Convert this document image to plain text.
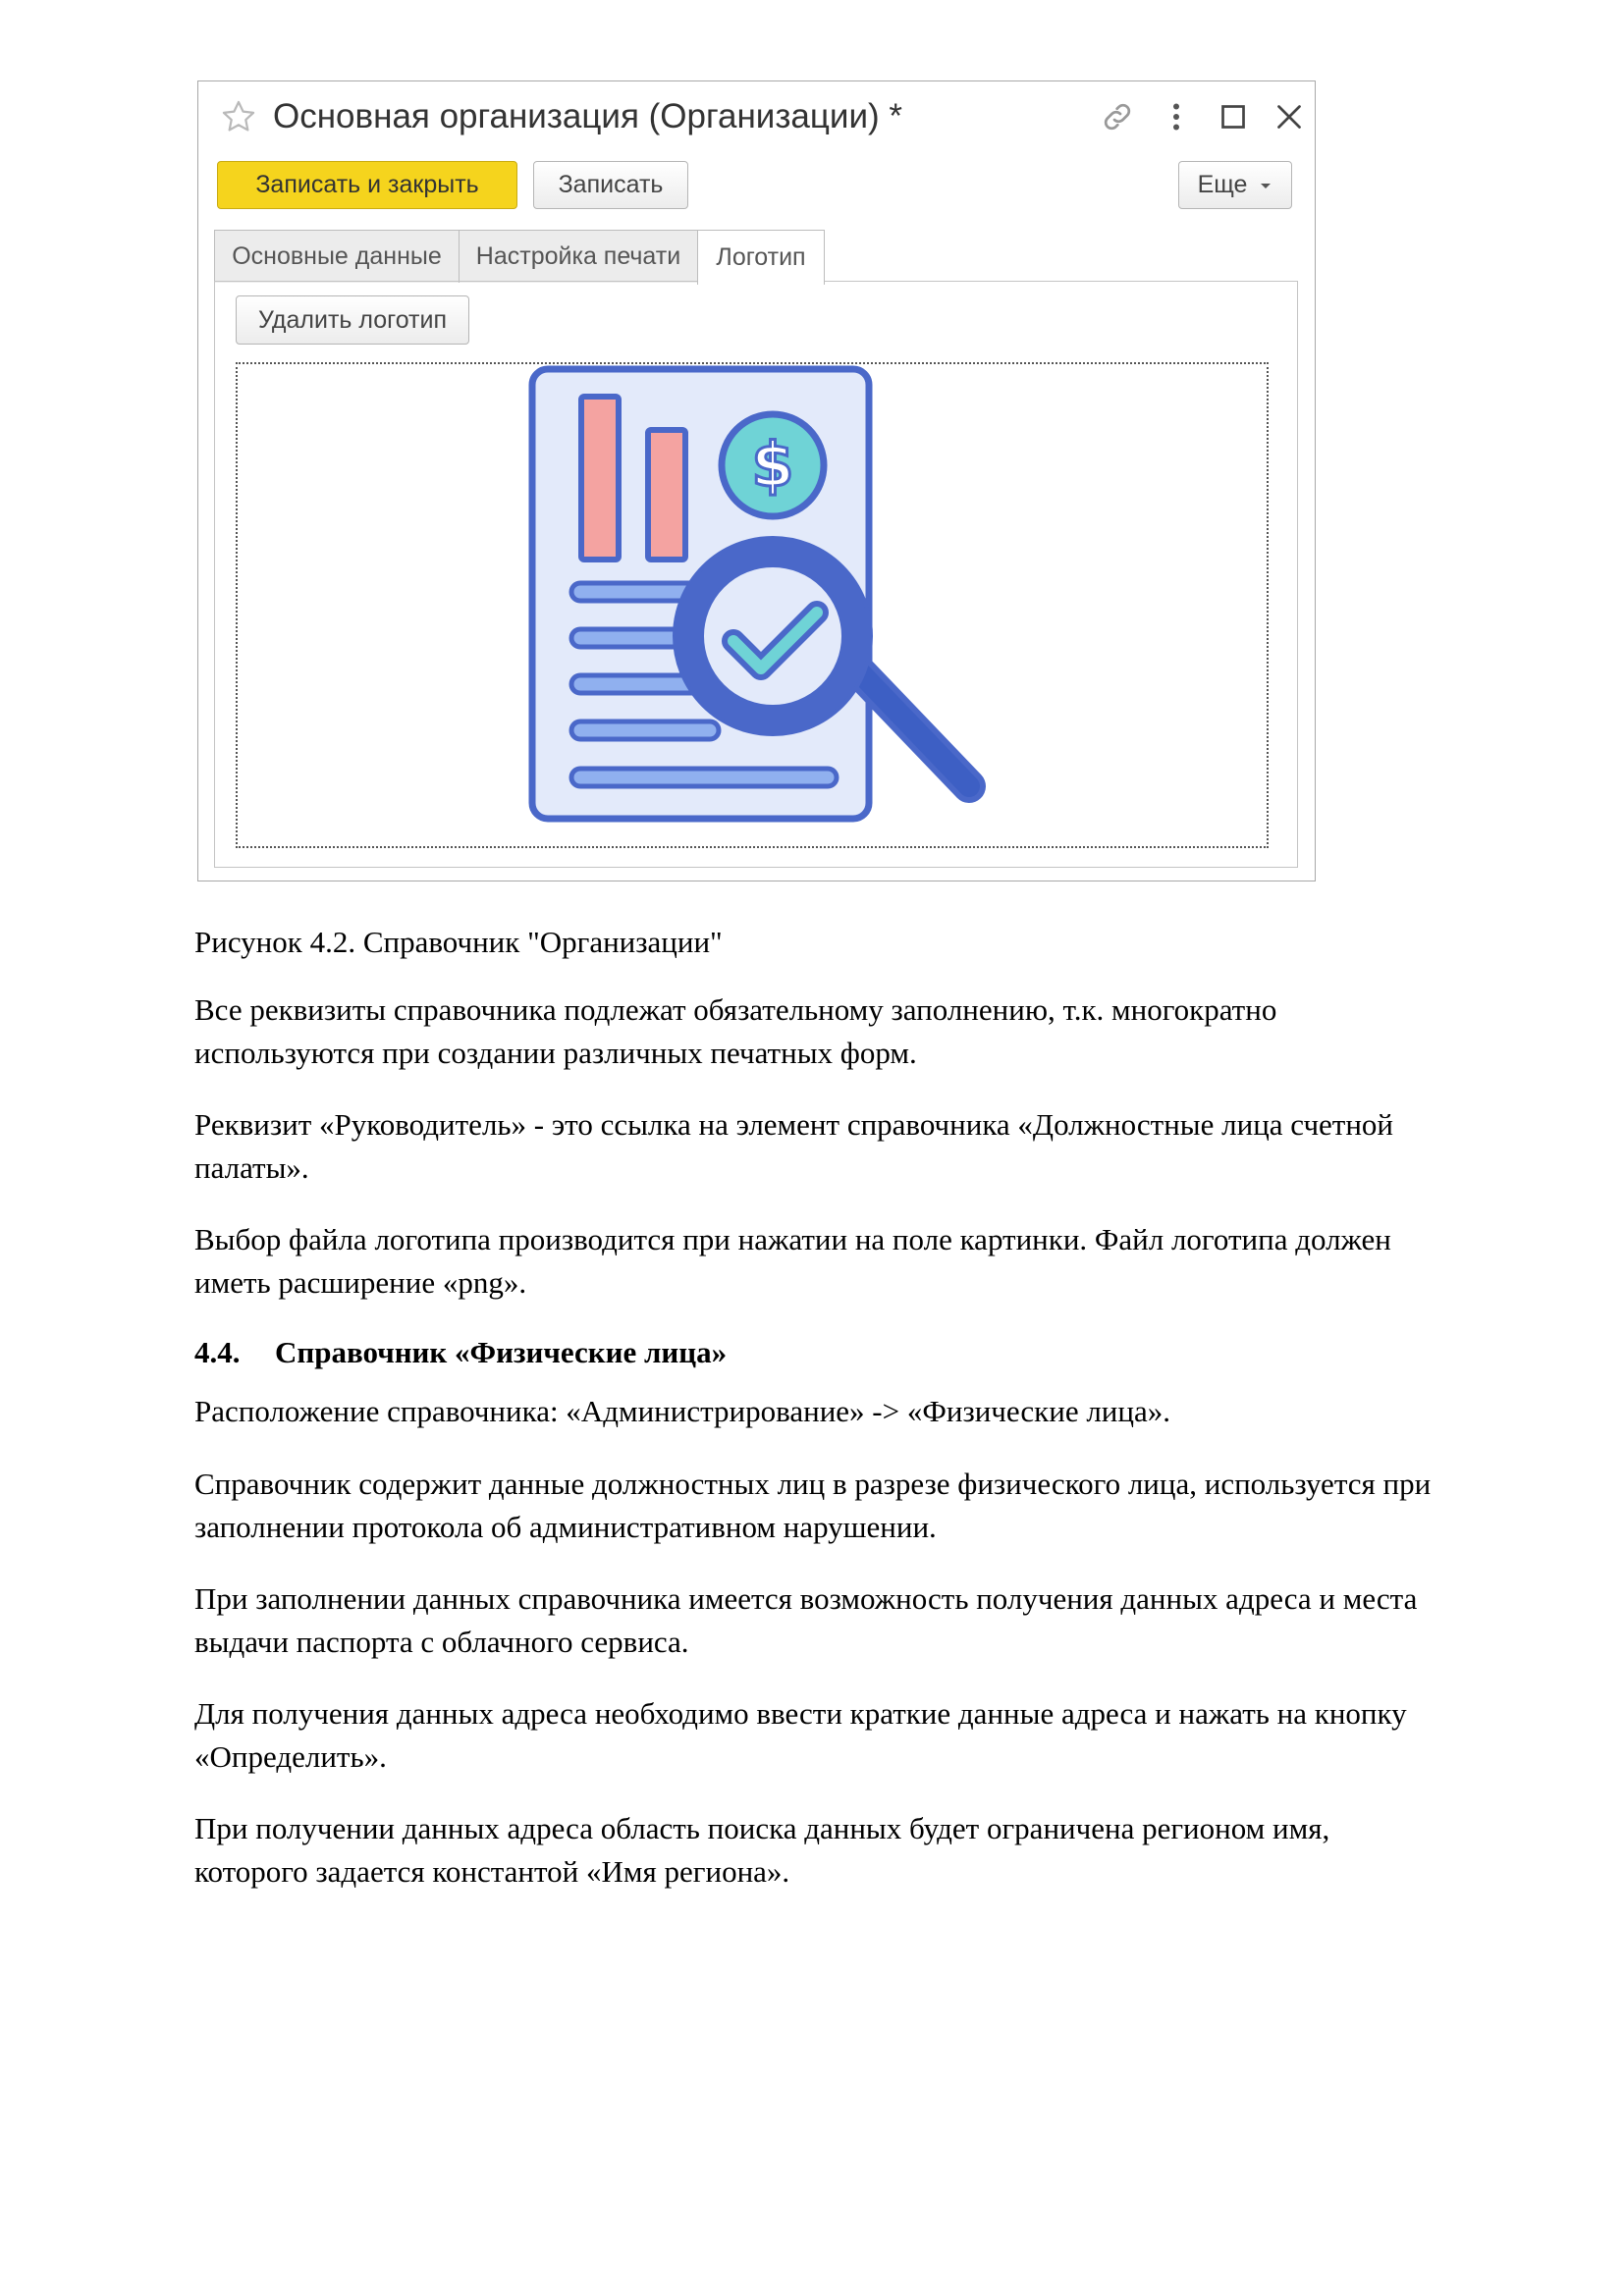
Основная организация (Организации) *
Записать и закрыть	Записать	Еще
Основные данные Настройка печати Логотип
Удалить логотип
$

Рисунок 4.2. Справочник "Организации"

Все реквизиты справочника подлежат обязательному заполнению, т.к. многократно
используются при создании различных печатных форм.

Реквизит «Руководитель» - это ссылка на элемент справочника «Должностные лица счетной
палаты».

Выбор файла логотипа производится при нажатии на поле картинки. Файл логотипа должен
иметь расширение «png».

4.4. Справочник «Физические лица»

Расположение справочника: «Администрирование» -> «Физические лица».

Справочник содержит данные должностных лиц в разрезе физического лица, используется при
заполнении протокола об административном нарушении.

При заполнении данных справочника имеется возможность получения данных адреса и места
выдачи паспорта с облачного сервиса.

Для получения данных адреса необходимо ввести краткие данные адреса и нажать на кнопку
«Определить».

При получении данных адреса область поиска данных будет ограничена регионом имя,
которого задается константой «Имя региона».
